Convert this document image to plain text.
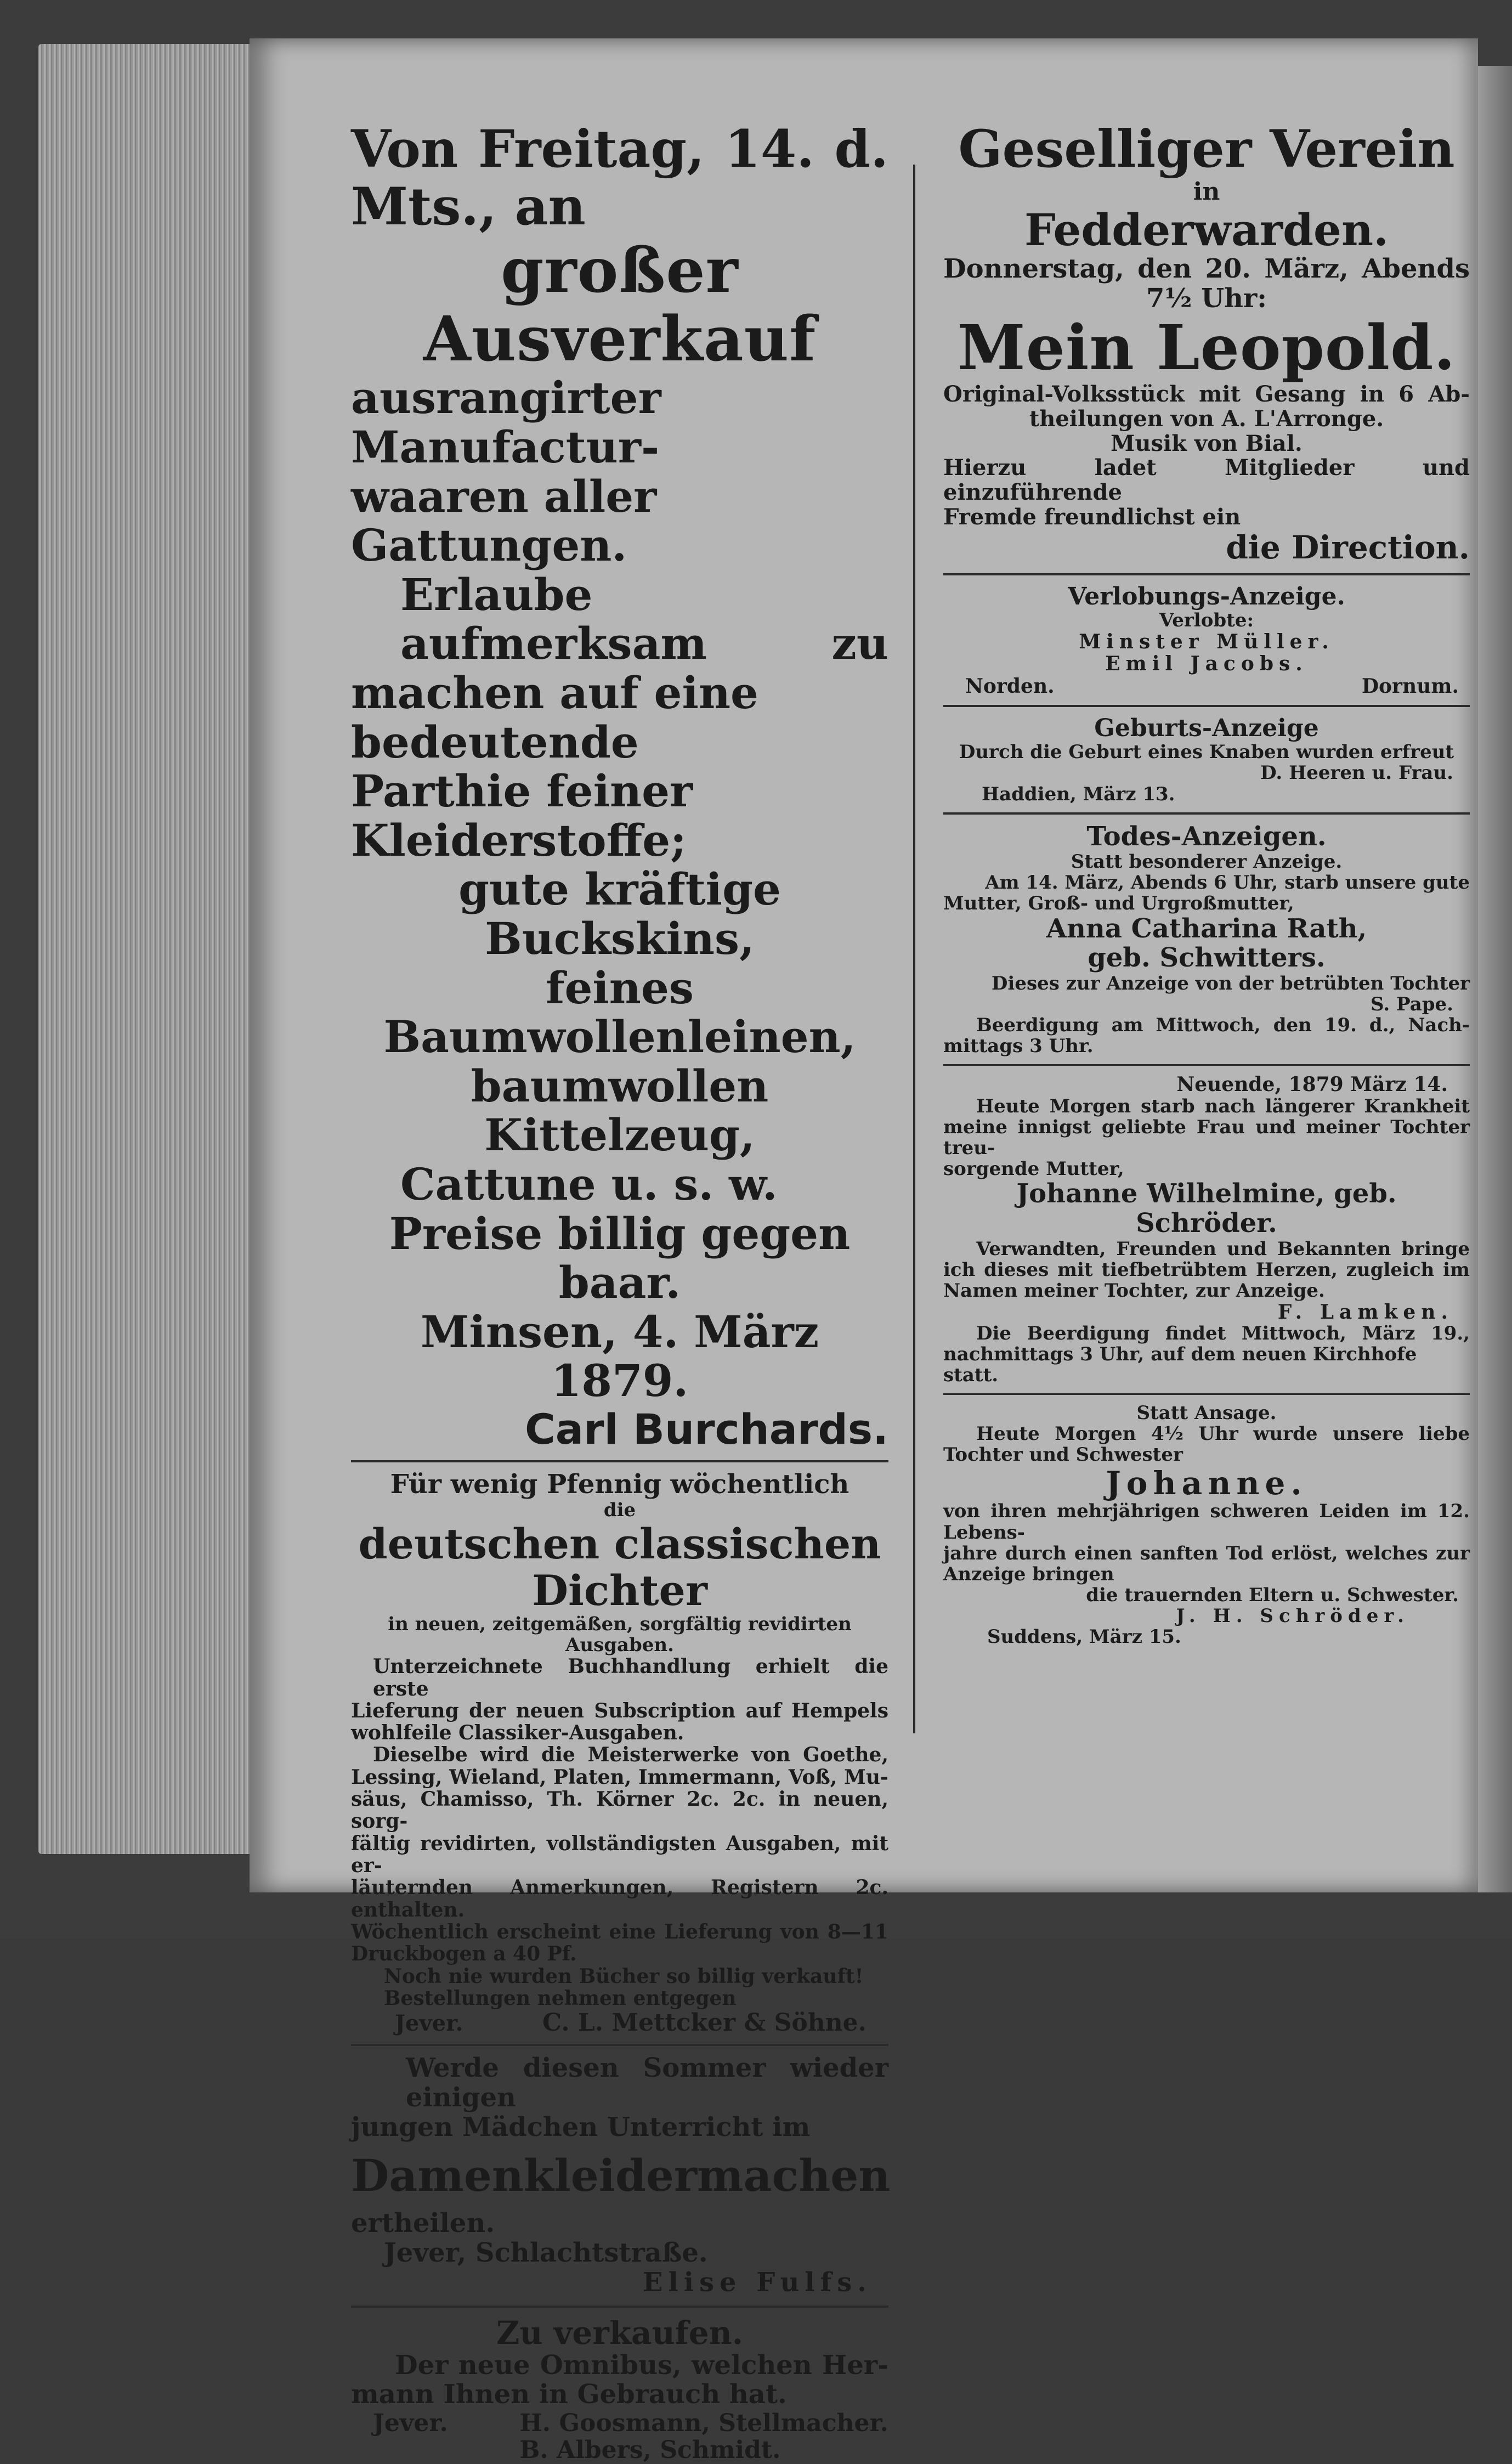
Von Freitag, 14. d.

Mts., an

großer Ausverkauf

ausrangirter Manufactur-

waaren aller Gattungen.

Erlaube aufmerksam zu

machen auf eine bedeutende

Parthie feiner Kleiderstoffe;

gute kräftige Buckskins,

feines Baumwollenleinen,

baumwollen Kittelzeug,

Cattune u. s. w.

Preise billig gegen baar.

Minsen, 4. März 1879.

Carl Burchards.

Für wenig Pfennig wöchentlich

die

deutschen classischen Dichter

in neuen, zeitgemäßen, sorgfältig revidirten Ausgaben.

Unterzeichnete Buchhandlung erhielt die erste

Lieferung der neuen Subscription auf Hempels

wohlfeile Classiker-Ausgaben.

Dieselbe wird die Meisterwerke von Goethe,

Lessing, Wieland, Platen, Immermann, Voß, Mu-

säus, Chamisso, Th. Körner 2c. 2c. in neuen, sorg-

fältig revidirten, vollständigsten Ausgaben, mit er-

läuternden Anmerkungen, Registern 2c. enthalten.

Wöchentlich erscheint eine Lieferung von 8—11

Druckbogen a 40 Pf.

Noch nie wurden Bücher so billig verkauft!

Bestellungen nehmen entgegen

Jever.	C. L. Mettcker & Söhne.

Werde diesen Sommer wieder einigen

jungen Mädchen Unterricht im

Damenkleidermachen

ertheilen.

Jever, Schlachtstraße.

Elise Fulfs.

Zu verkaufen.

Der neue Omnibus, welchen Her-

mann Ihnen in Gebrauch hat.

Jever.	H. Goosmann, Stellmacher.

B. Albers, Schmidt.

Geselliger Verein

in

Fedderwarden.

Donnerstag, den 20. März, Abends

7½ Uhr:

Mein Leopold.

Original-Volksstück mit Gesang in 6 Ab-

theilungen von A. L'Arronge.

Musik von Bial.

Hierzu ladet Mitglieder und einzuführende

Fremde freundlichst ein

die Direction.

Verlobungs-Anzeige.

Verlobte:

Minster Müller.

Emil Jacobs.

Norden.	Dornum.

Geburts-Anzeige

Durch die Geburt eines Knaben wurden erfreut

D. Heeren u. Frau.

Haddien, März 13.

Todes-Anzeigen.

Statt besonderer Anzeige.

Am 14. März, Abends 6 Uhr, starb unsere gute

Mutter, Groß- und Urgroßmutter,

Anna Catharina Rath,

geb. Schwitters.

Dieses zur Anzeige von der betrübten Tochter

S. Pape.

Beerdigung am Mittwoch, den 19. d., Nach-

mittags 3 Uhr.

Neuende, 1879 März 14.

Heute Morgen starb nach längerer Krankheit

meine innigst geliebte Frau und meiner Tochter treu-

sorgende Mutter,

Johanne Wilhelmine, geb. Schröder.

Verwandten, Freunden und Bekannten bringe

ich dieses mit tiefbetrübtem Herzen, zugleich im

Namen meiner Tochter, zur Anzeige.

F. Lamken.

Die Beerdigung findet Mittwoch, März 19.,

nachmittags 3 Uhr, auf dem neuen Kirchhofe statt.

Statt Ansage.

Heute Morgen 4½ Uhr wurde unsere liebe

Tochter und Schwester

Johanne.

von ihren mehrjährigen schweren Leiden im 12. Lebens-

jahre durch einen sanften Tod erlöst, welches zur

Anzeige bringen

die trauernden Eltern u. Schwester.

J. H. Schröder.

Suddens, März 15.
